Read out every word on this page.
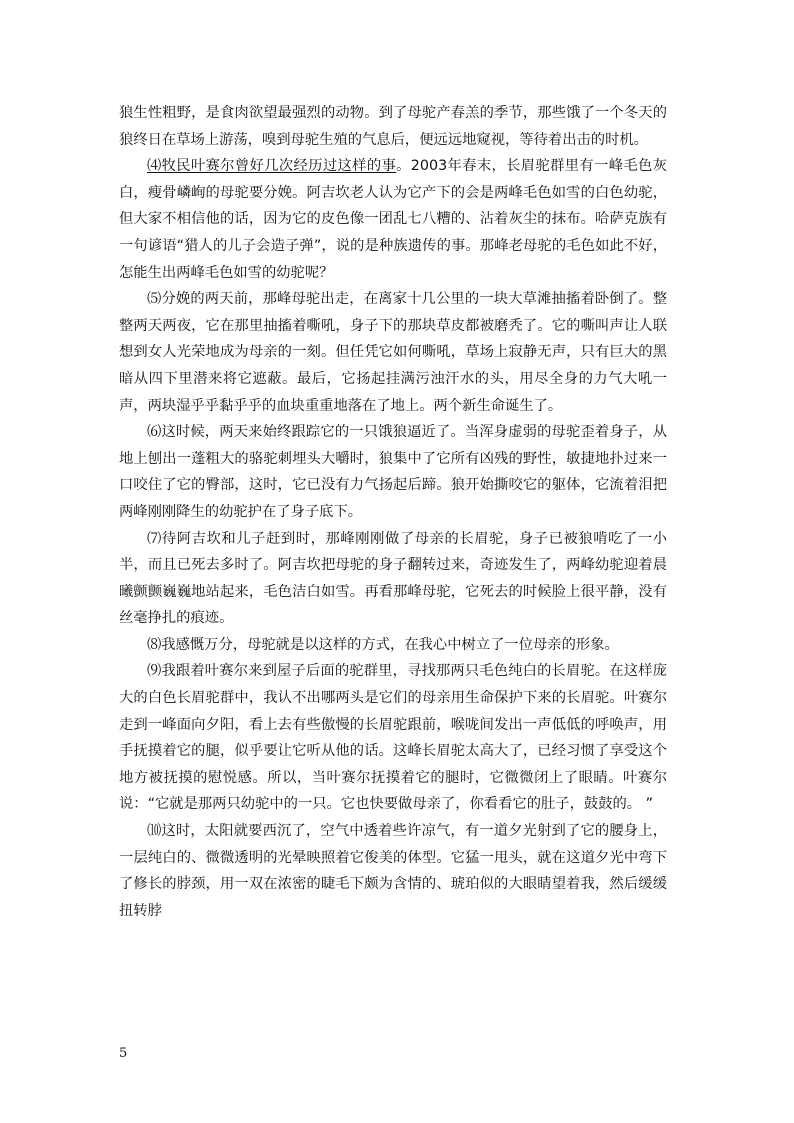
狼生性粗野，是食肉欲望最强烈的动物。到了母驼产春羔的季节，那些饿了一个冬天的狼终日在草场上游荡，嗅到母驼生殖的气息后，便远远地窥视，等待着出击的时机。

⑷牧民叶赛尔曾好几次经历过这样的事。2003年春末，长眉驼群里有一峰毛色灰白，瘦骨嶙峋的母驼要分娩。阿吉坎老人认为它产下的会是两峰毛色如雪的白色幼驼，但大家不相信他的话，因为它的皮色像一团乱七八糟的、沾着灰尘的抹布。哈萨克族有一句谚语“猎人的儿子会造子弹”，说的是种族遗传的事。那峰老母驼的毛色如此不好，怎能生出两峰毛色如雪的幼驼呢？

⑸分娩的两天前，那峰母驼出走，在离家十几公里的一块大草滩抽搐着卧倒了。整整两天两夜，它在那里抽搐着嘶吼，身子下的那块草皮都被磨秃了。它的嘶叫声让人联想到女人光荣地成为母亲的一刻。但任凭它如何嘶吼，草场上寂静无声，只有巨大的黑暗从四下里潜来将它遮蔽。最后，它扬起挂满污浊汗水的头，用尽全身的力气大吼一声，两块湿乎乎黏乎乎的血块重重地落在了地上。两个新生命诞生了。

⑹这时候，两天来始终跟踪它的一只饿狼逼近了。当浑身虚弱的母驼歪着身子，从地上刨出一蓬粗大的骆驼刺埋头大嚼时，狼集中了它所有凶残的野性，敏捷地扑过来一口咬住了它的臀部，这时，它已没有力气扬起后蹄。狼开始撕咬它的躯体，它流着泪把两峰刚刚降生的幼驼护在了身子底下。

⑺待阿吉坎和儿子赶到时，那峰刚刚做了母亲的长眉驼，身子已被狼啃吃了一小半，而且已死去多时了。阿吉坎把母驼的身子翻转过来，奇迹发生了，两峰幼驼迎着晨曦颤颤巍巍地站起来，毛色洁白如雪。再看那峰母驼，它死去的时候脸上很平静，没有丝毫挣扎的痕迹。

⑻我感慨万分，母驼就是以这样的方式，在我心中树立了一位母亲的形象。

⑼我跟着叶赛尔来到屋子后面的驼群里，寻找那两只毛色纯白的长眉驼。在这样庞大的白色长眉驼群中，我认不出哪两头是它们的母亲用生命保护下来的长眉驼。叶赛尔走到一峰面向夕阳，看上去有些傲慢的长眉驼跟前，喉咙间发出一声低低的呼唤声，用手抚摸着它的腿，似乎要让它听从他的话。这峰长眉驼太高大了，已经习惯了享受这个地方被抚摸的慰悦感。所以，当叶赛尔抚摸着它的腿时，它微微闭上了眼睛。叶赛尔说：“它就是那两只幼驼中的一只。它也快要做母亲了，你看看它的肚子，鼓鼓的。 ”

⑽这时，太阳就要西沉了，空气中透着些许凉气，有一道夕光射到了它的腰身上，一层纯白的、微微透明的光晕映照着它俊美的体型。它猛一甩头，就在这道夕光中弯下了修长的脖颈，用一双在浓密的睫毛下颇为含情的、琥珀似的大眼睛望着我，然后缓缓扭转脖

5
